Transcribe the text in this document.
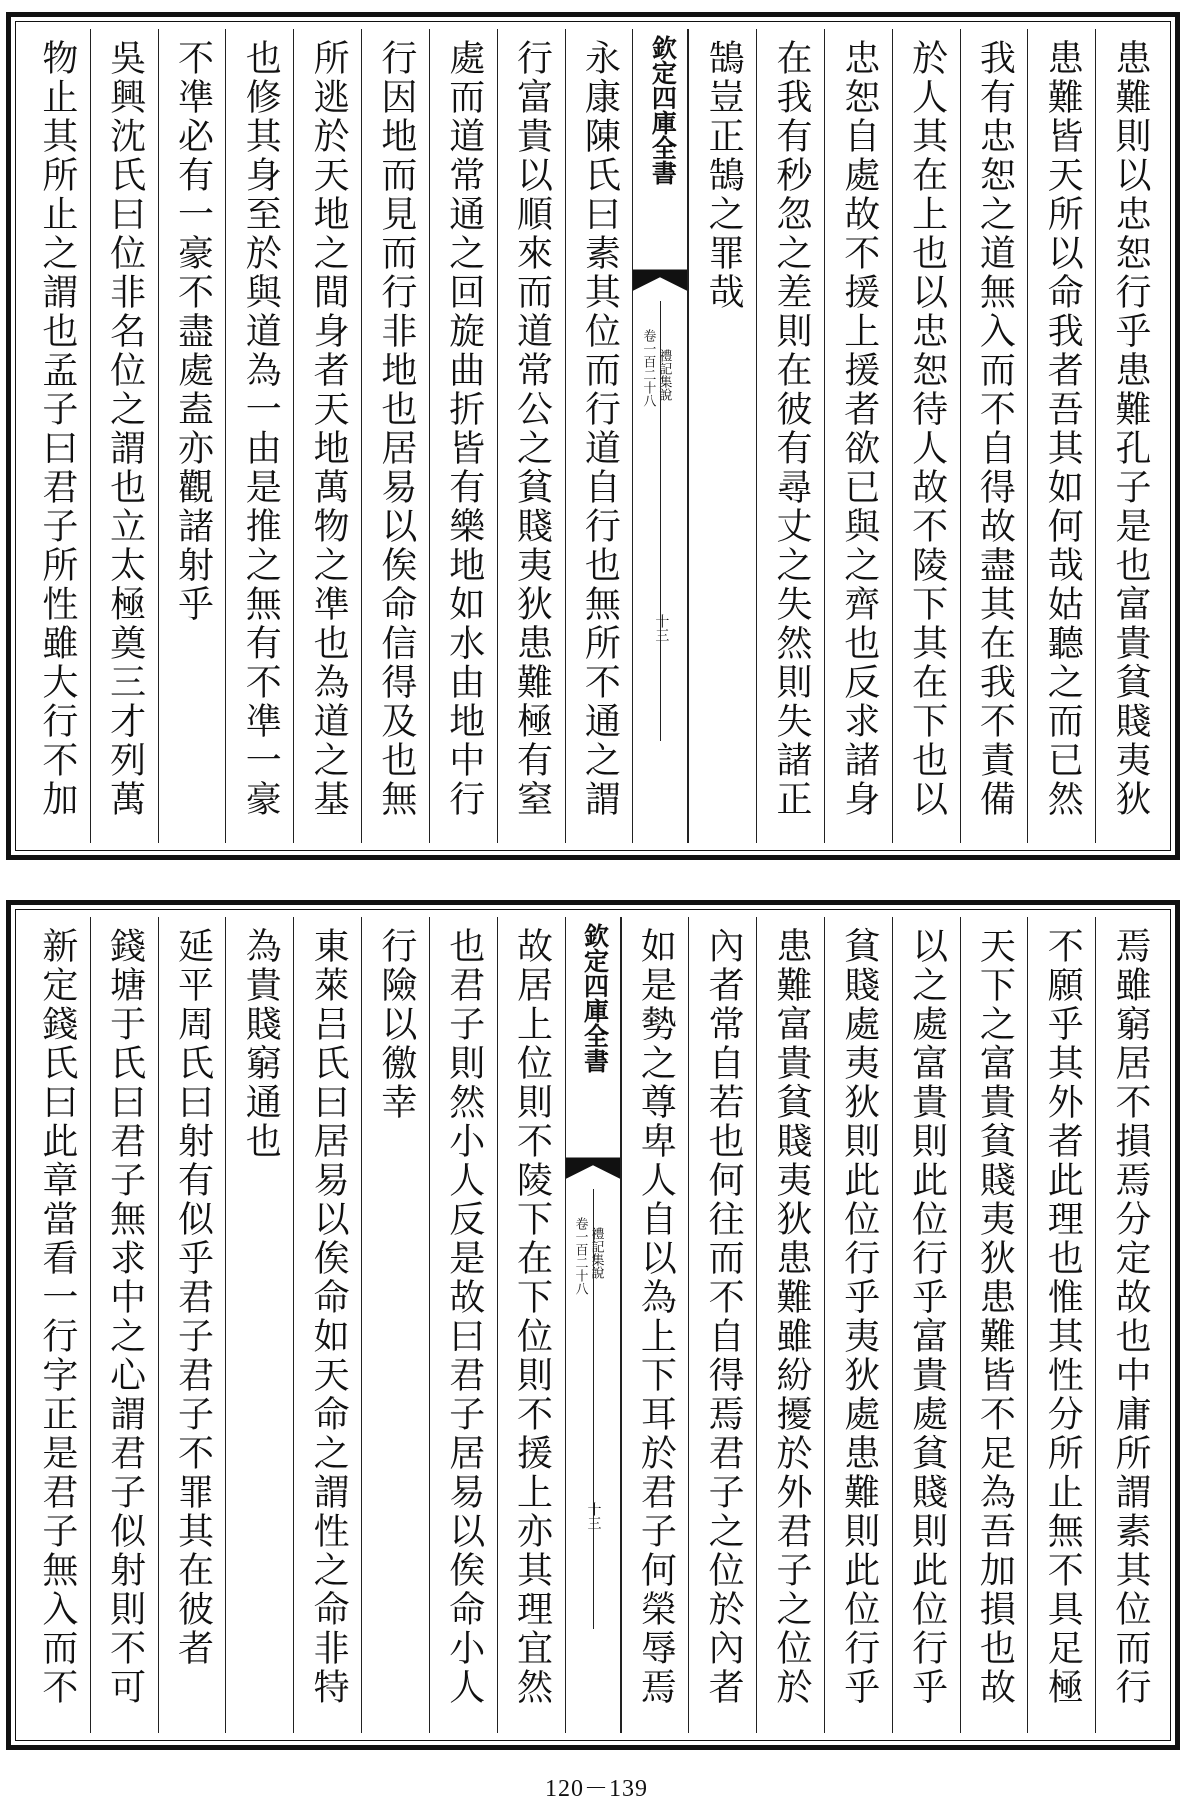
患難則以忠恕行乎患難孔子是也富貴貧賤夷狄
患難皆天所以命我者吾其如何哉姑聽之而已然
我有忠恕之道無入而不自得故盡其在我不責備
於人其在上也以忠恕待人故不陵下其在下也以
忠恕自處故不援上援者欲已與之齊也反求諸身
在我有秒忽之差則在彼有尋丈之失然則失諸正
鵠豈正鵠之罪哉
欽定四庫全書
禮記集說
卷一百二十八
十三
永康陳氏曰素其位而行道自行也無所不通之謂
行富貴以順來而道常公之貧賤夷狄患難極有窒
處而道常通之回旋曲折皆有樂地如水由地中行
行因地而見而行非地也居易以俟命信得及也無
所逃於天地之間身者天地萬物之凖也為道之基
也修其身至於與道為一由是推之無有不凖一豪
不凖必有一豪不盡處盍亦觀諸射乎
吳興沈氏曰位非名位之謂也立太極奠三才列萬
物止其所止之謂也孟子曰君子所性雖大行不加
焉雖窮居不損焉分定故也中庸所謂素其位而行
不願乎其外者此理也惟其性分所止無不具足極
天下之富貴貧賤夷狄患難皆不足為吾加損也故
以之處富貴則此位行乎富貴處貧賤則此位行乎
貧賤處夷狄則此位行乎夷狄處患難則此位行乎
患難富貴貧賤夷狄患難雖紛擾於外君子之位於
內者常自若也何往而不自得焉君子之位於內者
如是勢之尊卑人自以為上下耳於君子何榮辱焉
欽定四庫全書
禮記集說
卷一百二十八
十三
故居上位則不陵下在下位則不援上亦其理宜然
也君子則然小人反是故曰君子居易以俟命小人
行險以徼幸
東萊吕氏曰居易以俟命如天命之謂性之命非特
為貴賤窮通也
延平周氏曰射有似乎君子君子不罪其在彼者
錢塘于氏曰君子無求中之心謂君子似射則不可
新定錢氏曰此章當看一行字正是君子無入而不
120－139
